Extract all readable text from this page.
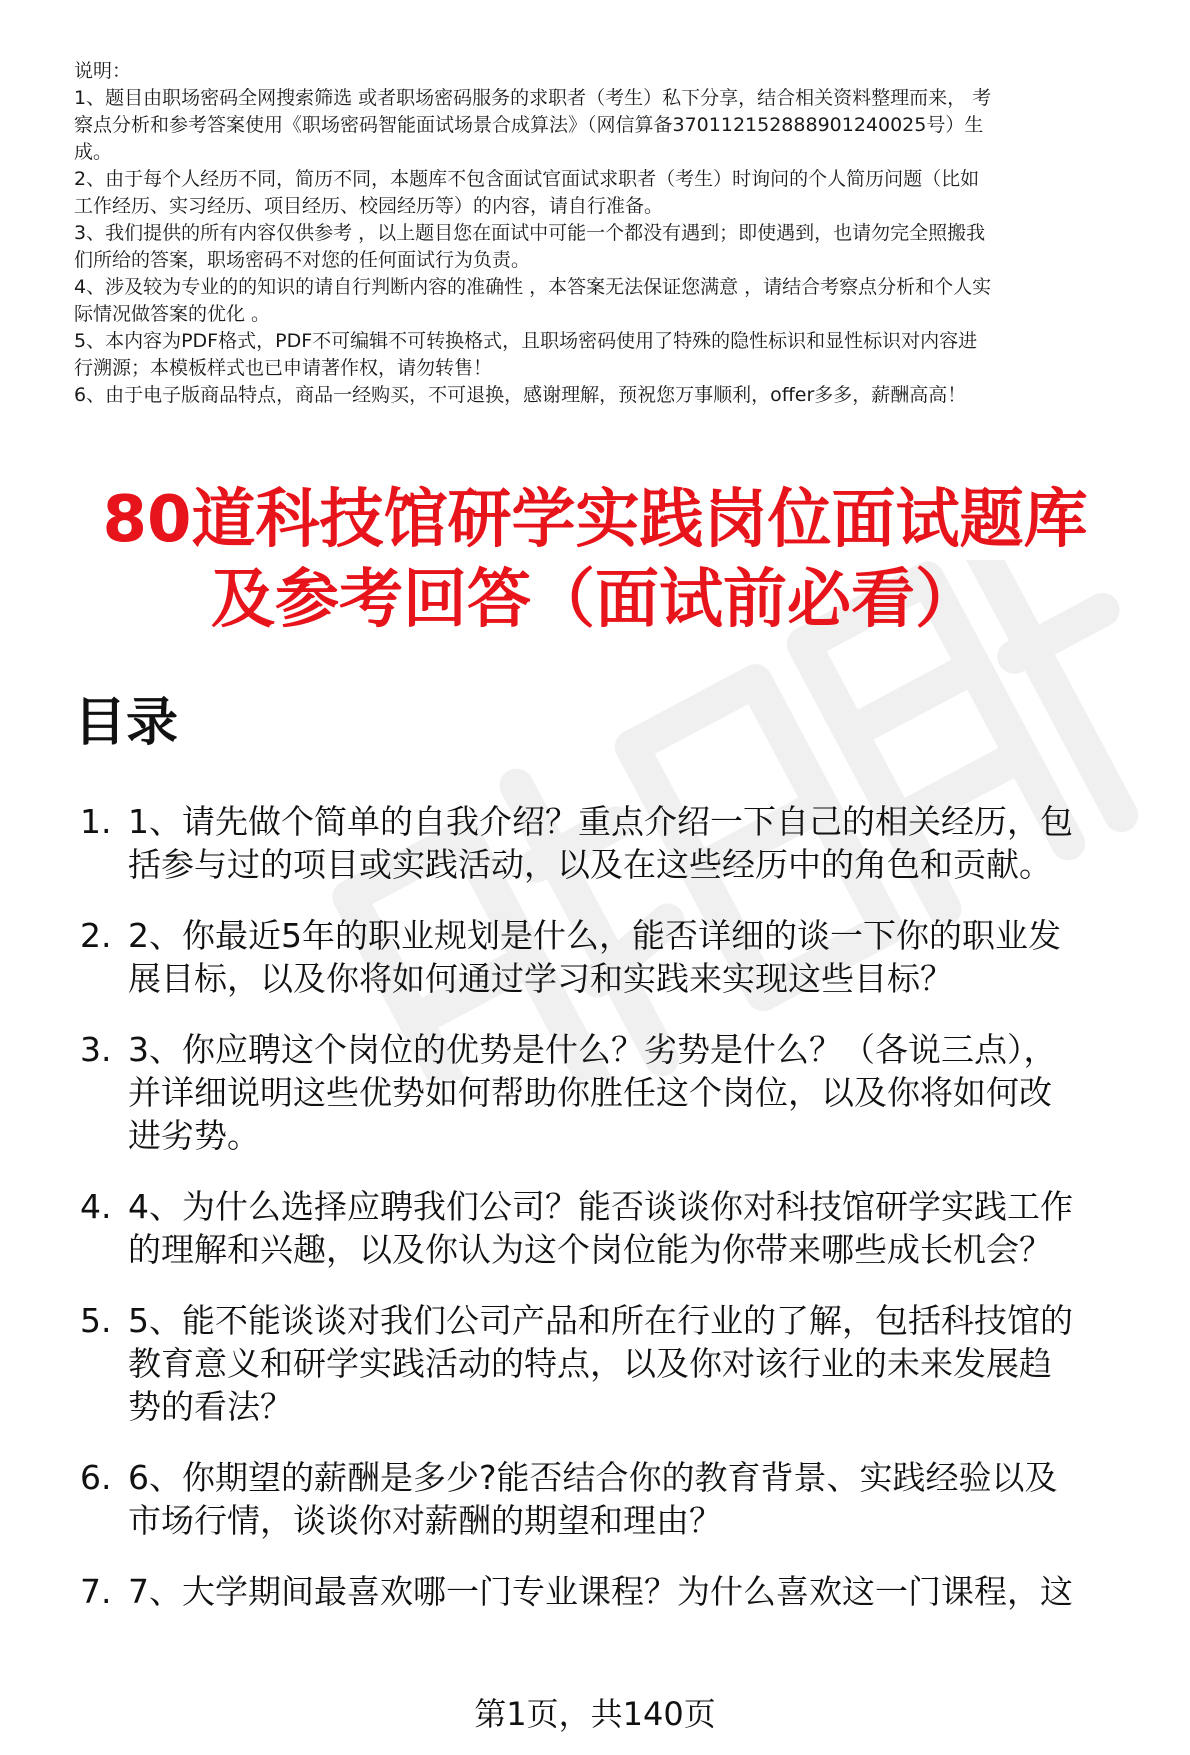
说明：
1、题目由职场密码全网搜索筛选 或者职场密码服务的求职者（考生）私下分享，结合相关资料整理而来， 考
察点分析和参考答案使用《职场密码智能面试场景合成算法》（网信算备370112152888901240025号）生
成。
2、由于每个人经历不同，简历不同，本题库不包含面试官面试求职者（考生）时询问的个人简历问题（比如
工作经历、实习经历、项目经历、校园经历等）的内容，请自行准备。
3、我们提供的所有内容仅供参考 ，以上题目您在面试中可能一个都没有遇到；即使遇到，也请勿完全照搬我
们所给的答案，职场密码不对您的任何面试行为负责。
4、涉及较为专业的的知识的请自行判断内容的准确性 ，本答案无法保证您满意 ，请结合考察点分析和个人实
际情况做答案的优化 。
5、本内容为PDF格式，PDF不可编辑不可转换格式，且职场密码使用了特殊的隐性标识和显性标识对内容进
行溯源；本模板样式也已申请著作权，请勿转售！
6、由于电子版商品特点，商品一经购买，不可退换，感谢理解，预祝您万事顺利，offer多多，薪酬高高！
80道科技馆研学实践岗位面试题库
及参考回答（面试前必看）
目录
1. 1、请先做个简单的自我介绍？重点介绍一下自己的相关经历，包
括参与过的项目或实践活动，以及在这些经历中的角色和贡献。
2. 2、你最近5年的职业规划是什么，能否详细的谈一下你的职业发
展目标，以及你将如何通过学习和实践来实现这些目标？
3. 3、你应聘这个岗位的优势是什么？劣势是什么？（各说三点），
并详细说明这些优势如何帮助你胜任这个岗位，以及你将如何改
进劣势。
4. 4、为什么选择应聘我们公司？能否谈谈你对科技馆研学实践工作
的理解和兴趣，以及你认为这个岗位能为你带来哪些成长机会？
5. 5、能不能谈谈对我们公司产品和所在行业的了解，包括科技馆的
教育意义和研学实践活动的特点，以及你对该行业的未来发展趋
势的看法？
6. 6、你期望的薪酬是多少?能否结合你的教育背景、实践经验以及
市场行情，谈谈你对薪酬的期望和理由？
7. 7、大学期间最喜欢哪一门专业课程？为什么喜欢这一门课程，这
第1页，共140页
